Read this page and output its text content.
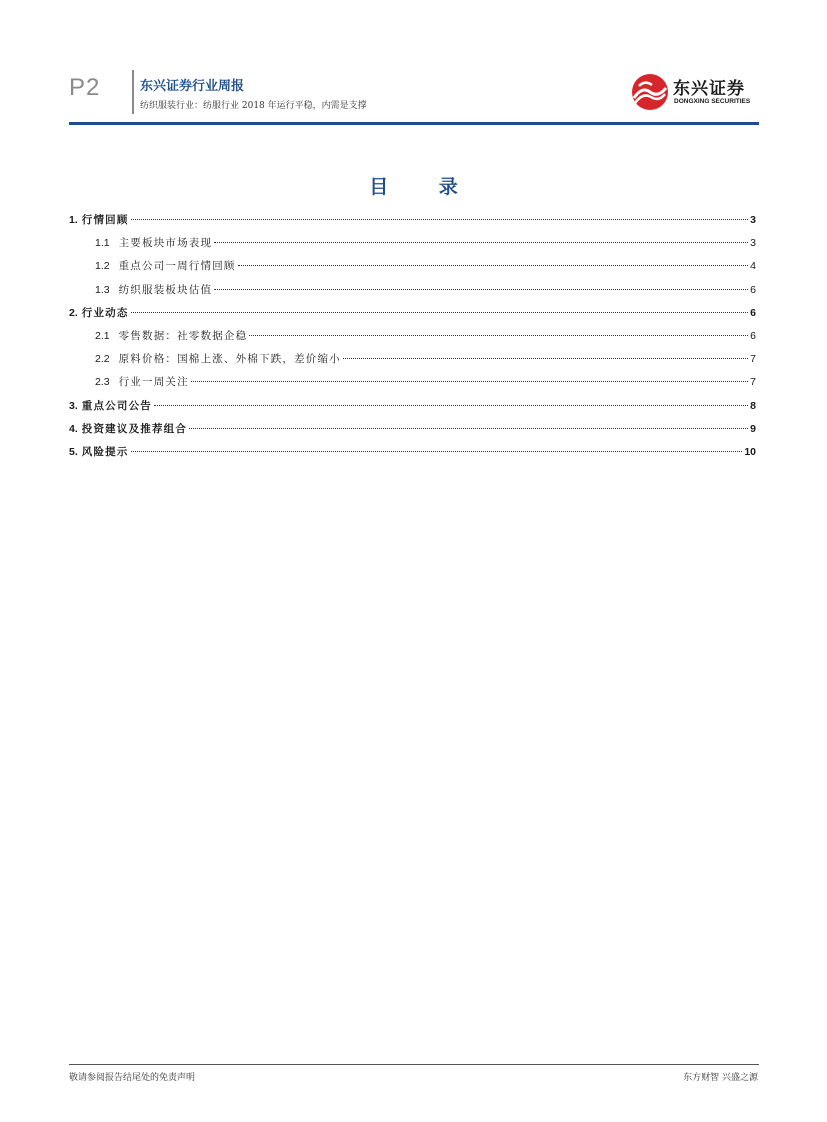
P2	东兴证券行业周报
纺织服装行业：纺服行业 2018 年运行平稳，内需是支撑
东兴证券
DONGXING SECURITIES
目 录
1. 行情回顾	3
1.1 主要板块市场表现	3
1.2 重点公司一周行情回顾	4
1.3 纺织服装板块估值	6
2. 行业动态	6
2.1 零售数据：社零数据企稳	6
2.2 原料价格：国棉上涨、外棉下跌，差价缩小	7
2.3 行业一周关注	7
3. 重点公司公告	8
4. 投资建议及推荐组合	9
5. 风险提示	10
敬请参阅报告结尾处的免责声明	东方财智 兴盛之源
